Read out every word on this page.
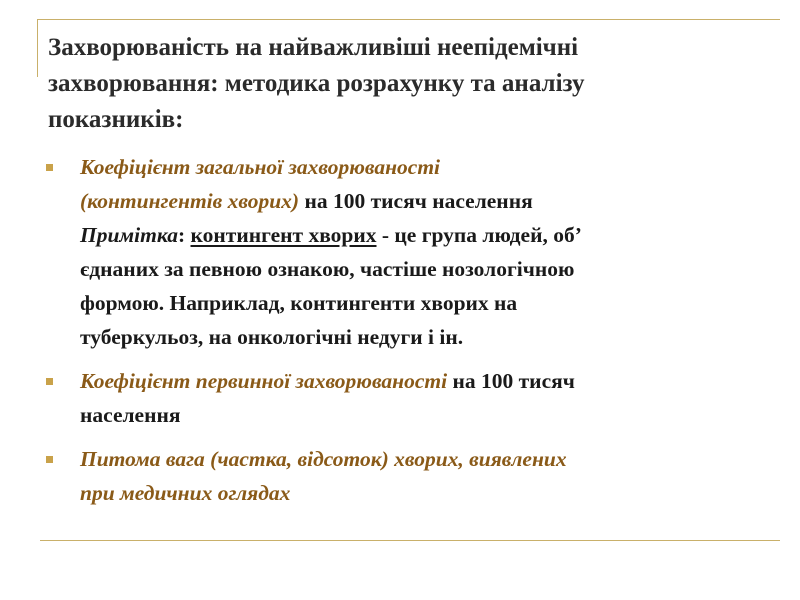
Захворюваність на найважливіші неепідемічні
захворювання: методика розрахунку та аналізу
показників:
Коефіцієнт загальної захворюваності
(контингентів хворих) на 100 тисяч населення
Примітка: контингент хворих - це група людей, об’
єднаних за певною ознакою, частіше нозологічною
формою. Наприклад, контингенти хворих на
туберкульоз, на онкологічні недуги і ін.
Коефіцієнт первинної захворюваності на 100 тисяч
населення
Питома вага (частка, відсоток) хворих, виявлених
при медичних оглядах
